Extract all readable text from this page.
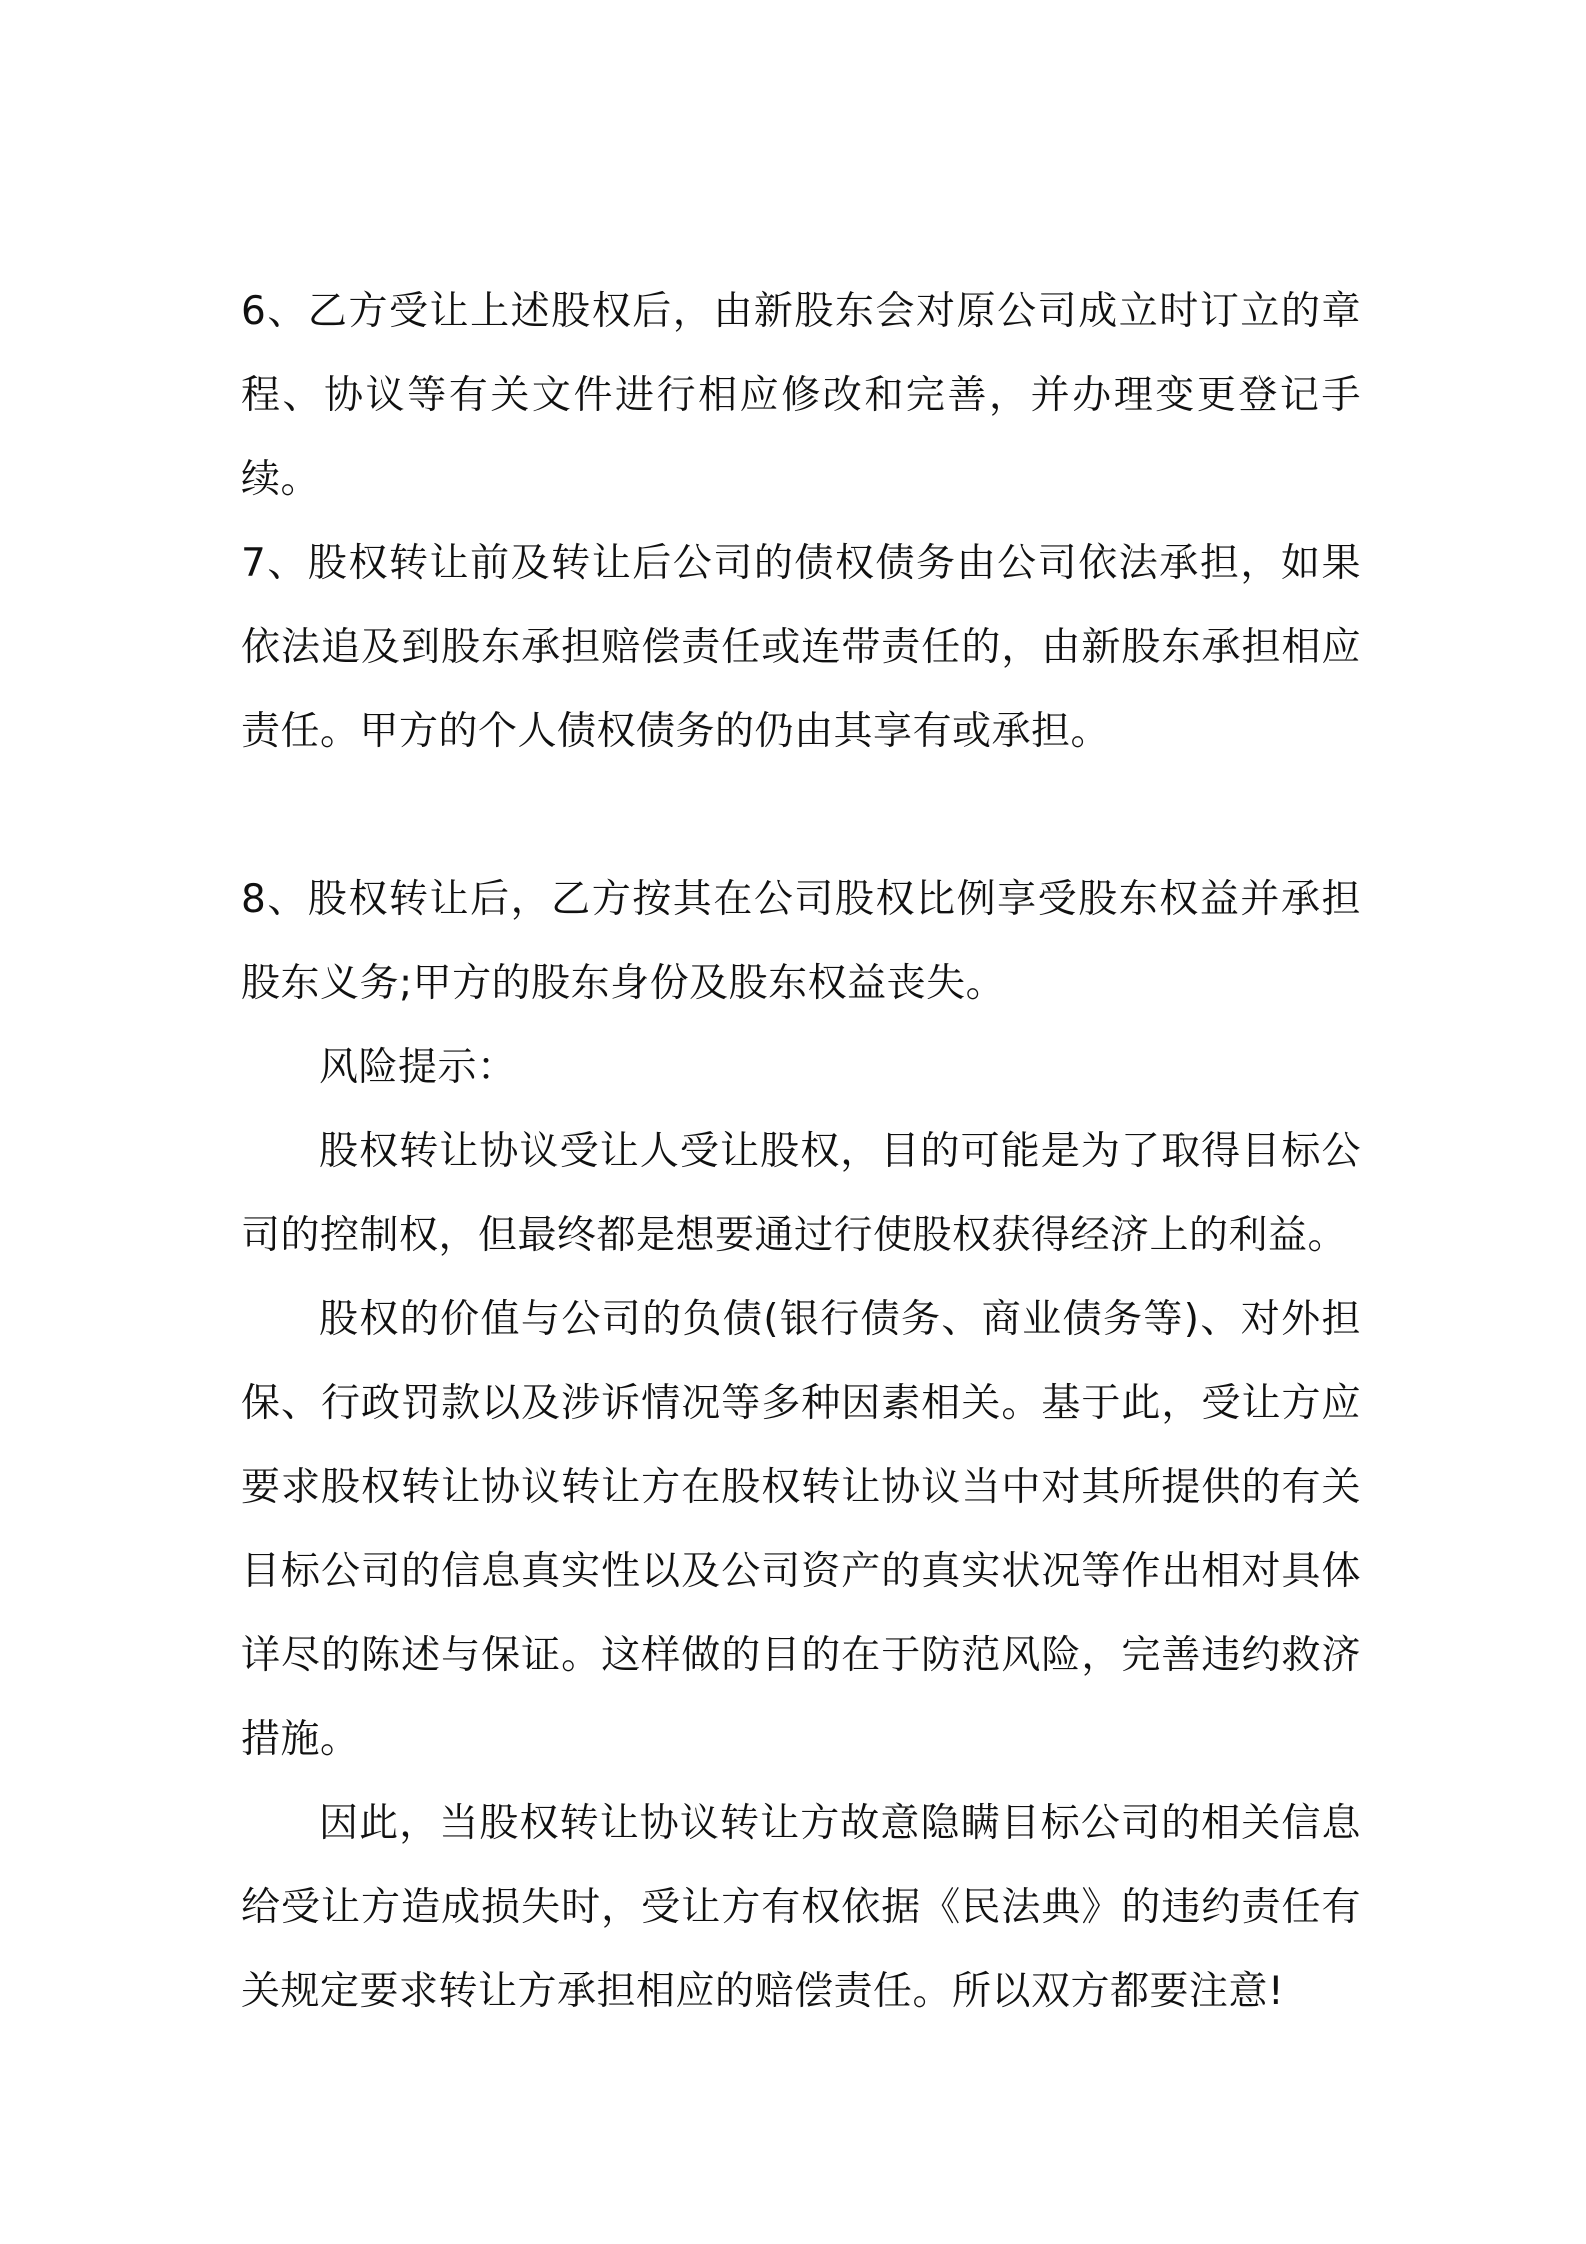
6、乙方受让上述股权后，由新股东会对原公司成立时订立的章程、协议等有关文件进行相应修改和完善，并办理变更登记手续。

7、股权转让前及转让后公司的债权债务由公司依法承担，如果依法追及到股东承担赔偿责任或连带责任的，由新股东承担相应责任。甲方的个人债权债务的仍由其享有或承担。

8、股权转让后，乙方按其在公司股权比例享受股东权益并承担股东义务;甲方的股东身份及股东权益丧失。

风险提示：

股权转让协议受让人受让股权，目的可能是为了取得目标公司的控制权，但最终都是想要通过行使股权获得经济上的利益。

股权的价值与公司的负债(银行债务、商业债务等)、对外担保、行政罚款以及涉诉情况等多种因素相关。基于此，受让方应要求股权转让协议转让方在股权转让协议当中对其所提供的有关目标公司的信息真实性以及公司资产的真实状况等作出相对具体详尽的陈述与保证。这样做的目的在于防范风险，完善违约救济措施。

因此，当股权转让协议转让方故意隐瞒目标公司的相关信息给受让方造成损失时，受让方有权依据《民法典》的违约责任有关规定要求转让方承担相应的赔偿责任。所以双方都要注意!
